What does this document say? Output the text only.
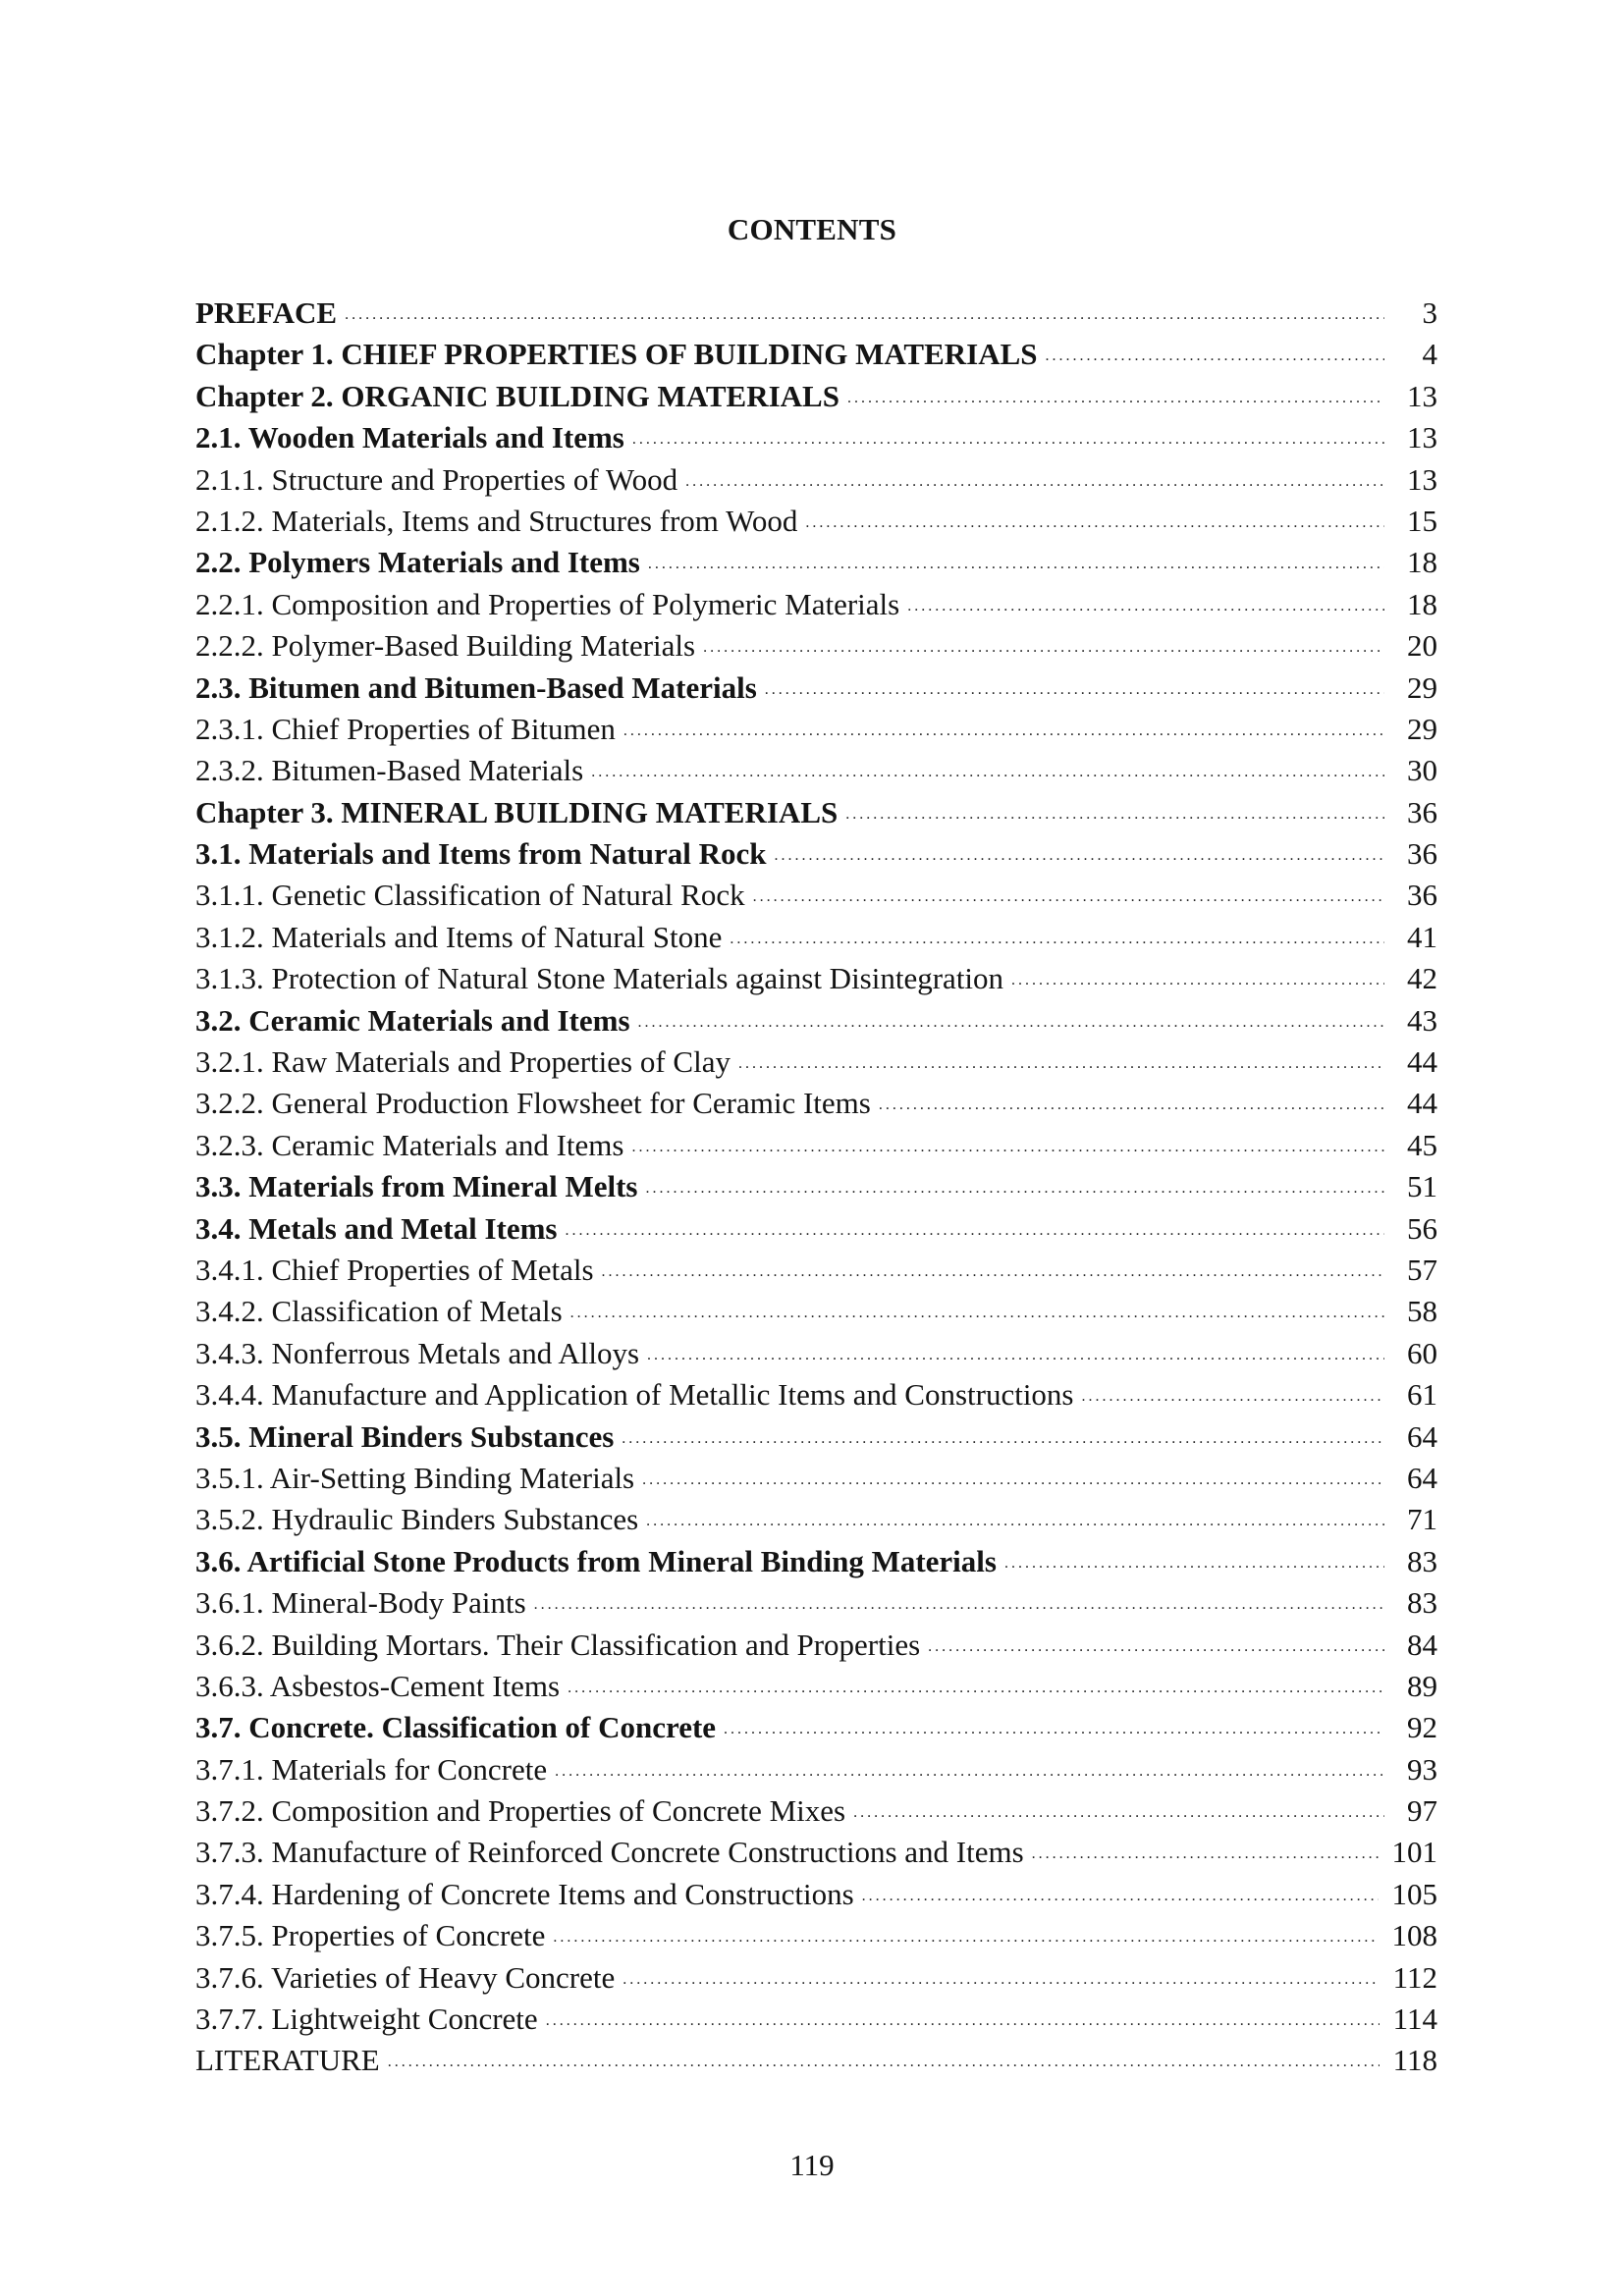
CONTENTS
PREFACE . . .	3
Chapter 1. CHIEF PROPERTIES OF BUILDING MATERIALS . . .	4
Chapter 2. ORGANIC BUILDING MATERIALS . . .	13
2.1. Wooden Materials and Items . . .	13
2.1.1. Structure and Properties of Wood . . .	13
2.1.2. Materials, Items and Structures from Wood . . .	15
2.2. Polymers Materials and Items . . .	18
2.2.1. Composition and Properties of Polymeric Materials . . .	18
2.2.2. Polymer-Based Building Materials . . .	20
2.3. Bitumen and Bitumen-Based Materials . . .	29
2.3.1. Chief Properties of Bitumen . . .	29
2.3.2. Bitumen-Based Materials . . .	30
Chapter 3. MINERAL BUILDING MATERIALS . . .	36
3.1. Materials and Items from Natural Rock . . .	36
3.1.1. Genetic Classification of Natural Rock . . .	36
3.1.2. Materials and Items of Natural Stone . . .	41
3.1.3. Protection of Natural Stone Materials against Disintegration . . .	42
3.2. Ceramic Materials and Items . . .	43
3.2.1. Raw Materials and Properties of Clay . . .	44
3.2.2. General Production Flowsheet for Ceramic Items . . .	44
3.2.3. Ceramic Materials and Items . . .	45
3.3. Materials from Mineral Melts . . .	51
3.4. Metals and Metal Items . . .	56
3.4.1. Chief Properties of Metals . . .	57
3.4.2. Classification of Metals . . .	58
3.4.3. Nonferrous Metals and Alloys . . .	60
3.4.4. Manufacture and Application of Metallic Items and Constructions . . .	61
3.5. Mineral Binders Substances . . .	64
3.5.1. Air-Setting Binding Materials . . .	64
3.5.2. Hydraulic Binders Substances . . .	71
3.6. Artificial Stone Products from Mineral Binding Materials . . .	83
3.6.1. Mineral-Body Paints . . .	83
3.6.2. Building Mortars. Their Classification and Properties . . .	84
3.6.3. Asbestos-Cement Items . . .	89
3.7. Concrete. Classification of Concrete . . .	92
3.7.1. Materials for Concrete . . .	93
3.7.2. Composition and Properties of Concrete Mixes . . .	97
3.7.3. Manufacture of Reinforced Concrete Constructions and Items . . .	101
3.7.4. Hardening of Concrete Items and Constructions . . .	105
3.7.5. Properties of Concrete . . .	108
3.7.6. Varieties of Heavy Concrete . . .	112
3.7.7. Lightweight Concrete . . .	114
LITERATURE . . .	118
119
